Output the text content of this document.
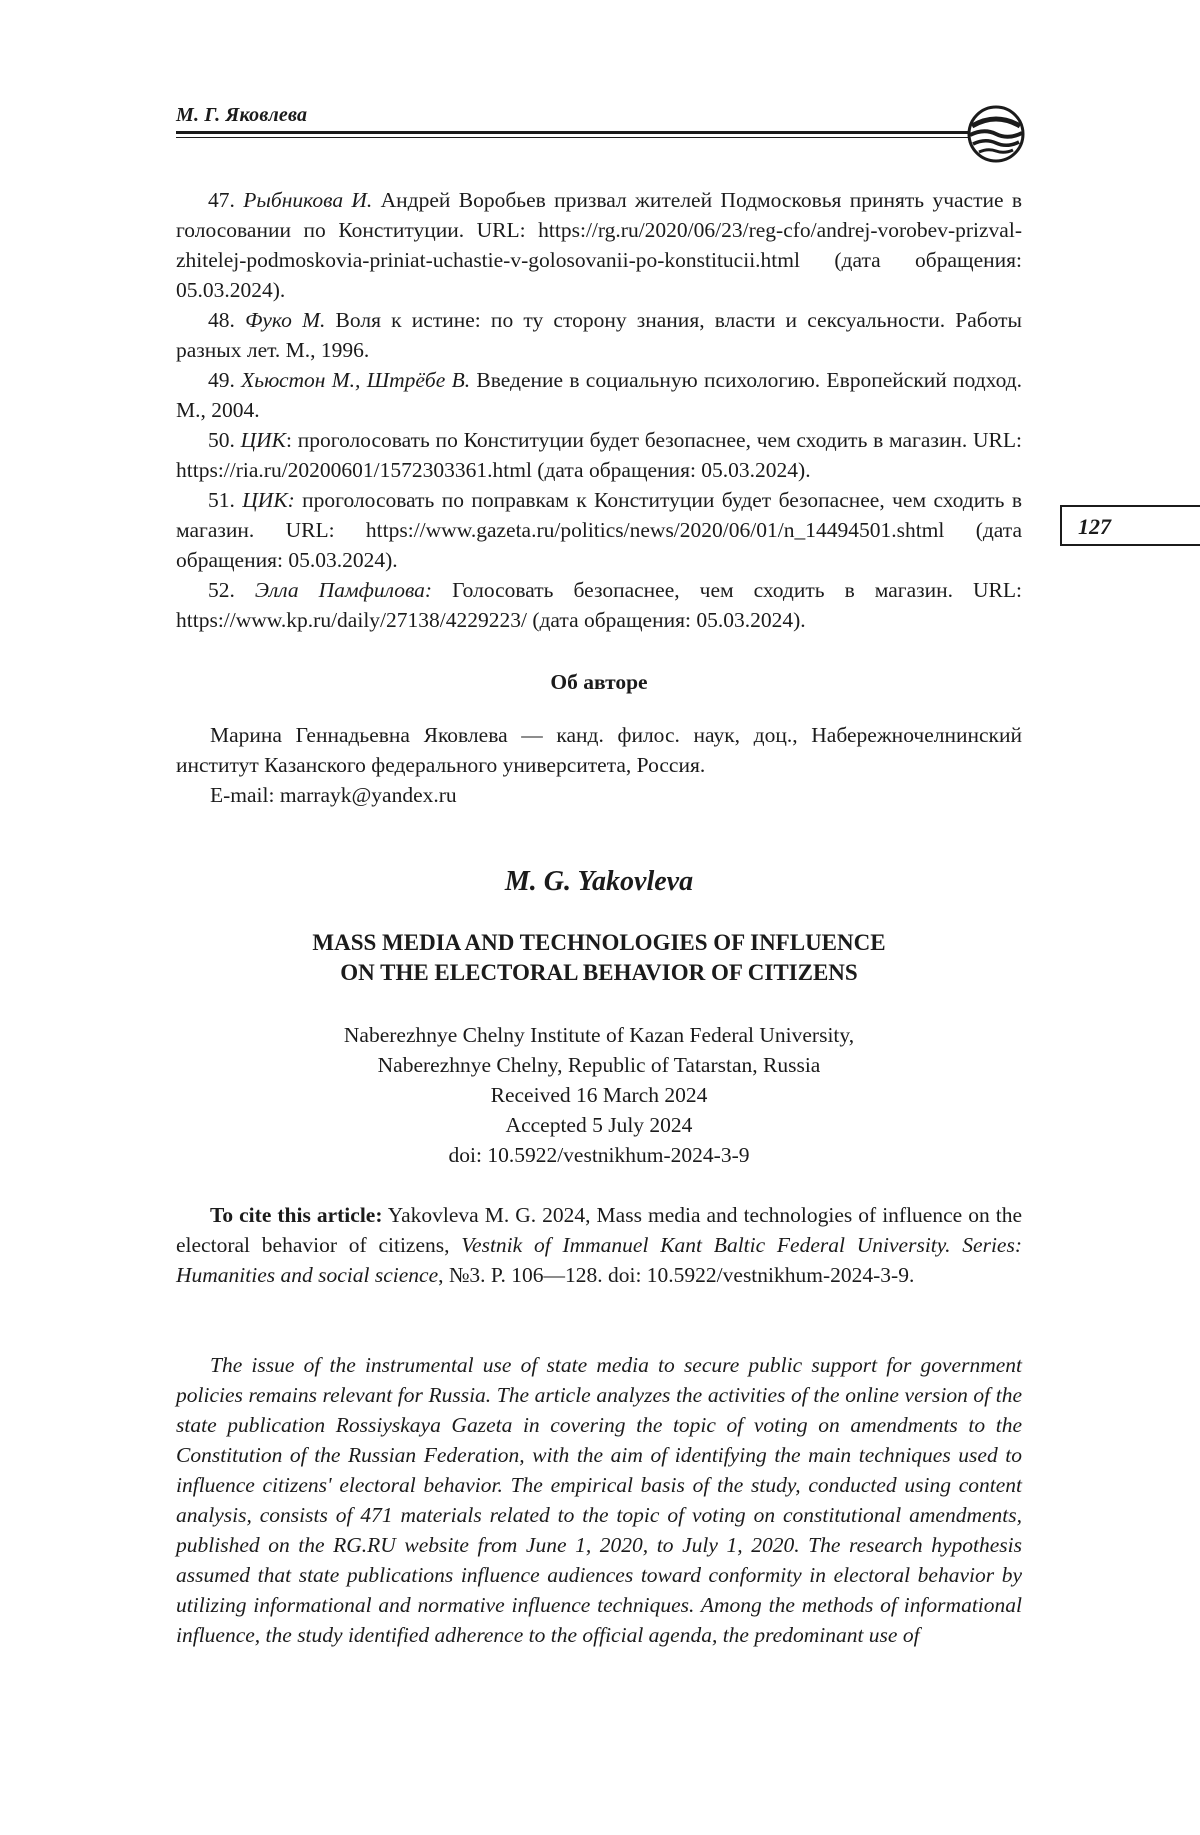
М. Г. Яковлева
127

47. Рыбникова И. Андрей Воробьев призвал жителей Подмосковья принять участие в голосовании по Конституции. URL: https://rg.ru/2020/06/23/reg-cfo/andrej-vorobev-prizval-zhitelej-podmoskovia-priniat-uchastie-v-golosovanii-po-konstitucii.html (дата обращения: 05.03.2024).

48. Фуко М. Воля к истине: по ту сторону знания, власти и сексуальности. Работы разных лет. М., 1996.

49. Хьюстон М., Штрёбе В. Введение в социальную психологию. Европейский подход. М., 2004.

50. ЦИК: проголосовать по Конституции будет безопаснее, чем сходить в магазин. URL: https://ria.ru/20200601/1572303361.html (дата обращения: 05.03.2024).

51. ЦИК: проголосовать по поправкам к Конституции будет безопаснее, чем сходить в магазин. URL: https://www.gazeta.ru/politics/news/2020/06/01/n_14494501.shtml (дата обращения: 05.03.2024).

52. Элла Памфилова: Голосовать безопаснее, чем сходить в магазин. URL: https://www.kp.ru/daily/27138/4229223/ (дата обращения: 05.03.2024).

Об авторе

Марина Геннадьевна Яковлева — канд. филос. наук, доц., Набережночелнинский институт Казанского федерального университета, Россия.

E-mail: marrayk@yandex.ru

M. G. Yakovleva
MASS MEDIA AND TECHNOLOGIES OF INFLUENCE
ON THE ELECTORAL BEHAVIOR OF CITIZENS
Naberezhnye Chelny Institute of Kazan Federal University,
Naberezhnye Chelny, Republic of Tatarstan, Russia
Received 16 March 2024
Accepted 5 July 2024
doi: 10.5922/vestnikhum-2024-3-9

To cite this article: Yakovleva M. G. 2024, Mass media and technologies of influence on the electoral behavior of citizens, Vestnik of Immanuel Kant Baltic Federal University. Series: Humanities and social science, №3. P. 106—128. doi: 10.5922/vestnikhum-2024-3-9.

The issue of the instrumental use of state media to secure public support for government policies remains relevant for Russia. The article analyzes the activities of the online version of the state publication Rossiyskaya Gazeta in covering the topic of voting on amendments to the Constitution of the Russian Federation, with the aim of identifying the main techniques used to influence citizens' electoral behavior. The empirical basis of the study, conducted using content analysis, consists of 471 materials related to the topic of voting on constitutional amendments, published on the RG.RU website from June 1, 2020, to July 1, 2020. The research hypothesis assumed that state publications influence audiences toward conformity in electoral behavior by utilizing informational and normative influence techniques. Among the methods of informational influence, the study identified adherence to the official agenda, the predominant use of
